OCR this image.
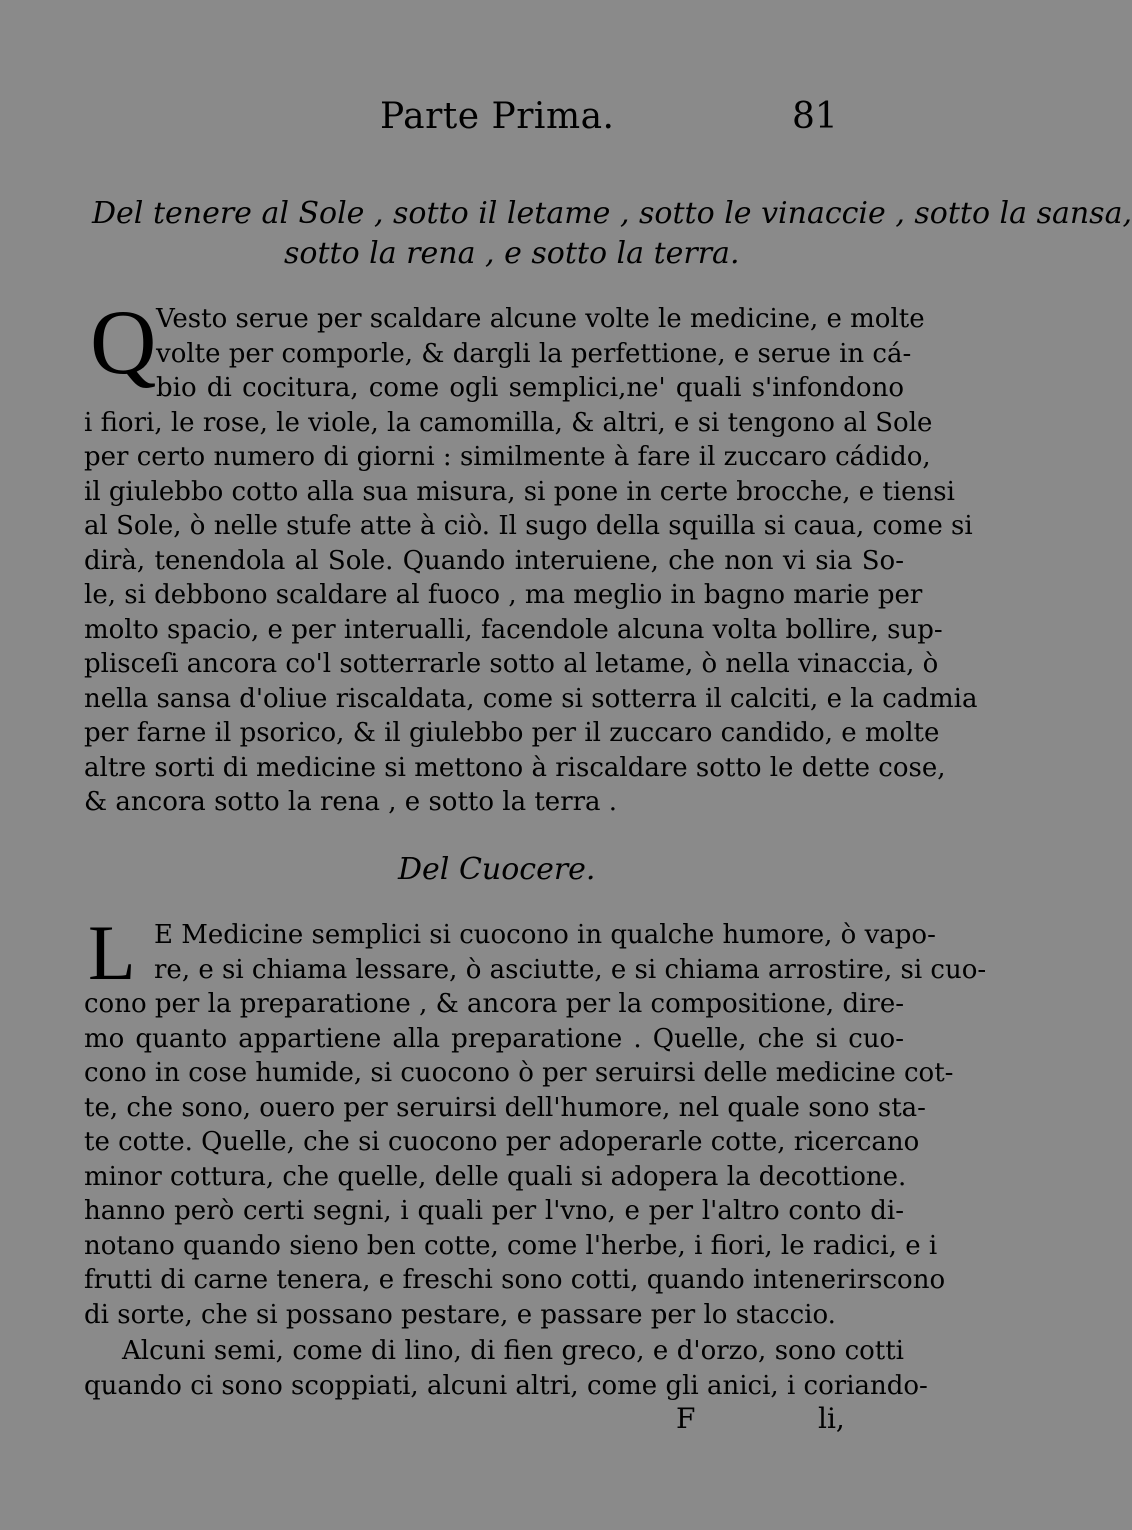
Parte Prima.	81
Del tenere al Sole , sotto il letame , sotto le vinaccie , sotto la sansa,
sotto la rena , e sotto la terra.
Q Vesto serue per scaldare alcune volte le medicine, e molte
volte per comporle, & dargli la perfettione, e serue in cá-
bio di cocitura, come ogli semplici,ne' quali s'infondono
i fiori, le rose, le viole, la camomilla, & altri, e si tengono al Sole
per certo numero di giorni : similmente à fare il zuccaro cádido,
il giulebbo cotto alla sua misura, si pone in certe brocche, e tiensi
al Sole, ò nelle stufe atte à ciò. Il sugo della squilla si caua, come si
dirà, tenendola al Sole. Quando interuiene, che non vi sia So-
le, si debbono scaldare al fuoco , ma meglio in bagno marie per
molto spacio, e per interualli, facendole alcuna volta bollire, sup-
plisceſi ancora co'l sotterrarle sotto al letame, ò nella vinaccia, ò
nella sansa d'oliue riscaldata, come si sotterra il calciti, e la cadmia
per farne il psorico, & il giulebbo per il zuccaro candido, e molte
altre sorti di medicine si mettono à riscaldare sotto le dette cose,
& ancora sotto la rena , e sotto la terra .
Del Cuocere.
L E Medicine semplici si cuocono in qualche humore, ò vapo-
re, e si chiama lessare, ò asciutte, e si chiama arrostire, si cuo-
cono per la preparatione , & ancora per la compositione, dire-
mo quanto appartiene alla preparatione . Quelle, che si cuo-
cono in cose humide, si cuocono ò per seruirsi delle medicine cot-
te, che sono, ouero per seruirsi dell'humore, nel quale sono sta-
te cotte. Quelle, che si cuocono per adoperarle cotte, ricercano
minor cottura, che quelle, delle quali si adopera la decottione.
hanno però certi segni, i quali per l'vno, e per l'altro conto di-
notano quando sieno ben cotte, come l'herbe, i fiori, le radici, e i
frutti di carne tenera, e freschi sono cotti, quando intenerirscono
di sorte, che si possano pestare, e passare per lo staccio.
Alcuni semi, come di lino, di fien greco, e d'orzo, sono cotti
quando ci sono scoppiati, alcuni altri, come gli anici, i coriando-
F	li,
